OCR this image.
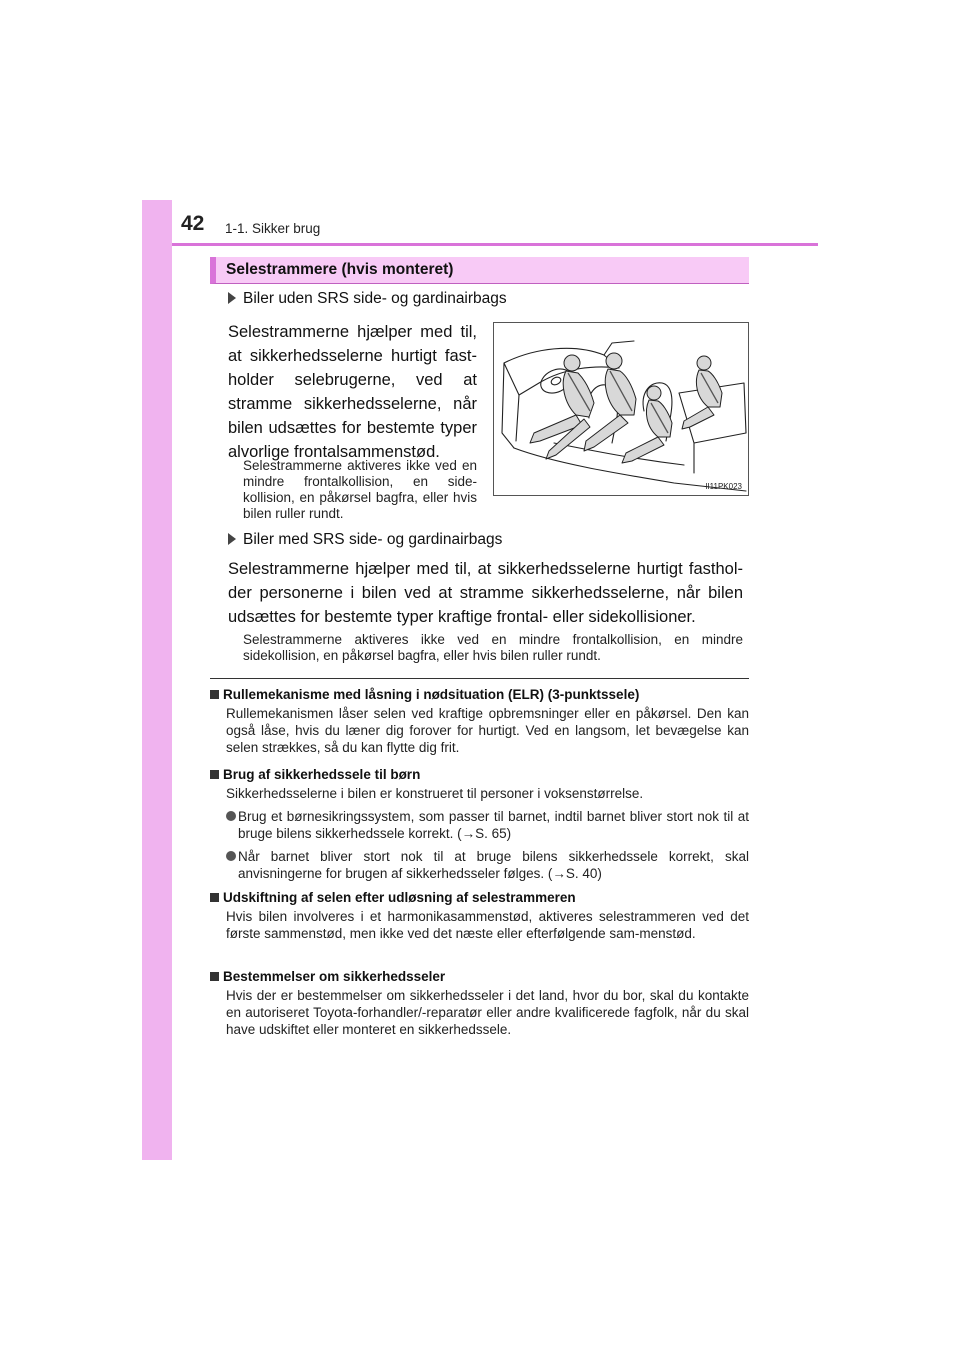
42 1-1. Sikker brug
Selestrammere (hvis monteret)
Biler uden SRS side- og gardinairbags
Selestrammerne hjælper med til, at sikkerhedsselerne hurtigt fast-holder selebrugerne, ved at stramme sikkerhedsselerne, når bilen udsættes for bestemte typer alvorlige frontalsammenstød.
Selestrammerne aktiveres ikke ved en mindre frontalkollision, en side-kollision, en påkørsel bagfra, eller hvis bilen ruller rundt.
II11PK023
Biler med SRS side- og gardinairbags
Selestrammerne hjælper med til, at sikkerhedsselerne hurtigt fasthol-der personerne i bilen ved at stramme sikkerhedsselerne, når bilen udsættes for bestemte typer kraftige frontal- eller sidekollisioner.
Selestrammerne aktiveres ikke ved en mindre frontalkollision, en mindre sidekollision, en påkørsel bagfra, eller hvis bilen ruller rundt.
Rullemekanisme med låsning i nødsituation (ELR) (3-punktssele)
Rullemekanismen låser selen ved kraftige opbremsninger eller en påkørsel. Den kan også låse, hvis du læner dig forover for hurtigt. Ved en langsom, let bevægelse kan selen strækkes, så du kan flytte dig frit.
Brug af sikkerhedssele til børn
Sikkerhedsselerne i bilen er konstrueret til personer i voksenstørrelse.
Brug et børnesikringssystem, som passer til barnet, indtil barnet bliver stort nok til at bruge bilens sikkerhedssele korrekt. (→S. 65)
Når barnet bliver stort nok til at bruge bilens sikkerhedssele korrekt, skal anvisningerne for brugen af sikkerhedsseler følges. (→S. 40)
Udskiftning af selen efter udløsning af selestrammeren
Hvis bilen involveres i et harmonikasammenstød, aktiveres selestrammeren ved det første sammenstød, men ikke ved det næste eller efterfølgende sam-menstød.
Bestemmelser om sikkerhedsseler
Hvis der er bestemmelser om sikkerhedsseler i det land, hvor du bor, skal du kontakte en autoriseret Toyota-forhandler/-reparatør eller andre kvalificerede fagfolk, når du skal have udskiftet eller monteret en sikkerhedssele.
